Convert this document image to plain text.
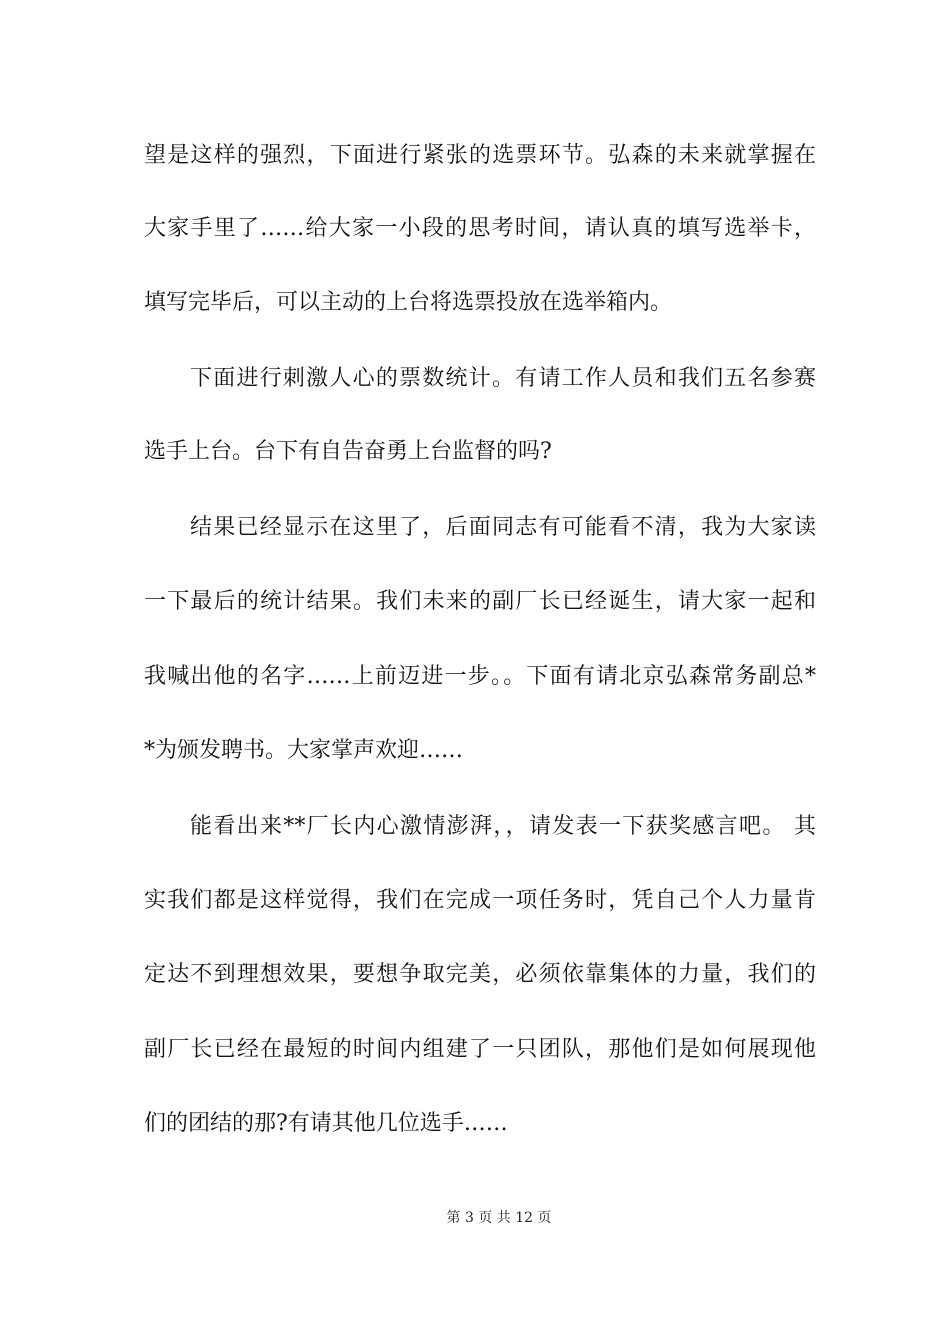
望是这样的强烈，下面进行紧张的选票环节。弘森的未来就掌握在
大家手里了……给大家一小段的思考时间，请认真的填写选举卡，
填写完毕后，可以主动的上台将选票投放在选举箱内。
下面进行刺激人心的票数统计。有请工作人员和我们五名参赛
选手上台。台下有自告奋勇上台监督的吗?
结果已经显示在这里了，后面同志有可能看不清，我为大家读
一下最后的统计结果。我们未来的副厂长已经诞生，请大家一起和
我喊出他的名字……上前迈进一步。。下面有请北京弘森常务副总*
*为颁发聘书。大家掌声欢迎……
能看出来**厂长内心激情澎湃，，请发表一下获奖感言吧。 其
实我们都是这样觉得，我们在完成一项任务时，凭自己个人力量肯
定达不到理想效果，要想争取完美，必须依靠集体的力量，我们的
副厂长已经在最短的时间内组建了一只团队，那他们是如何展现他
们的团结的那?有请其他几位选手……
第 3 页 共 12 页
